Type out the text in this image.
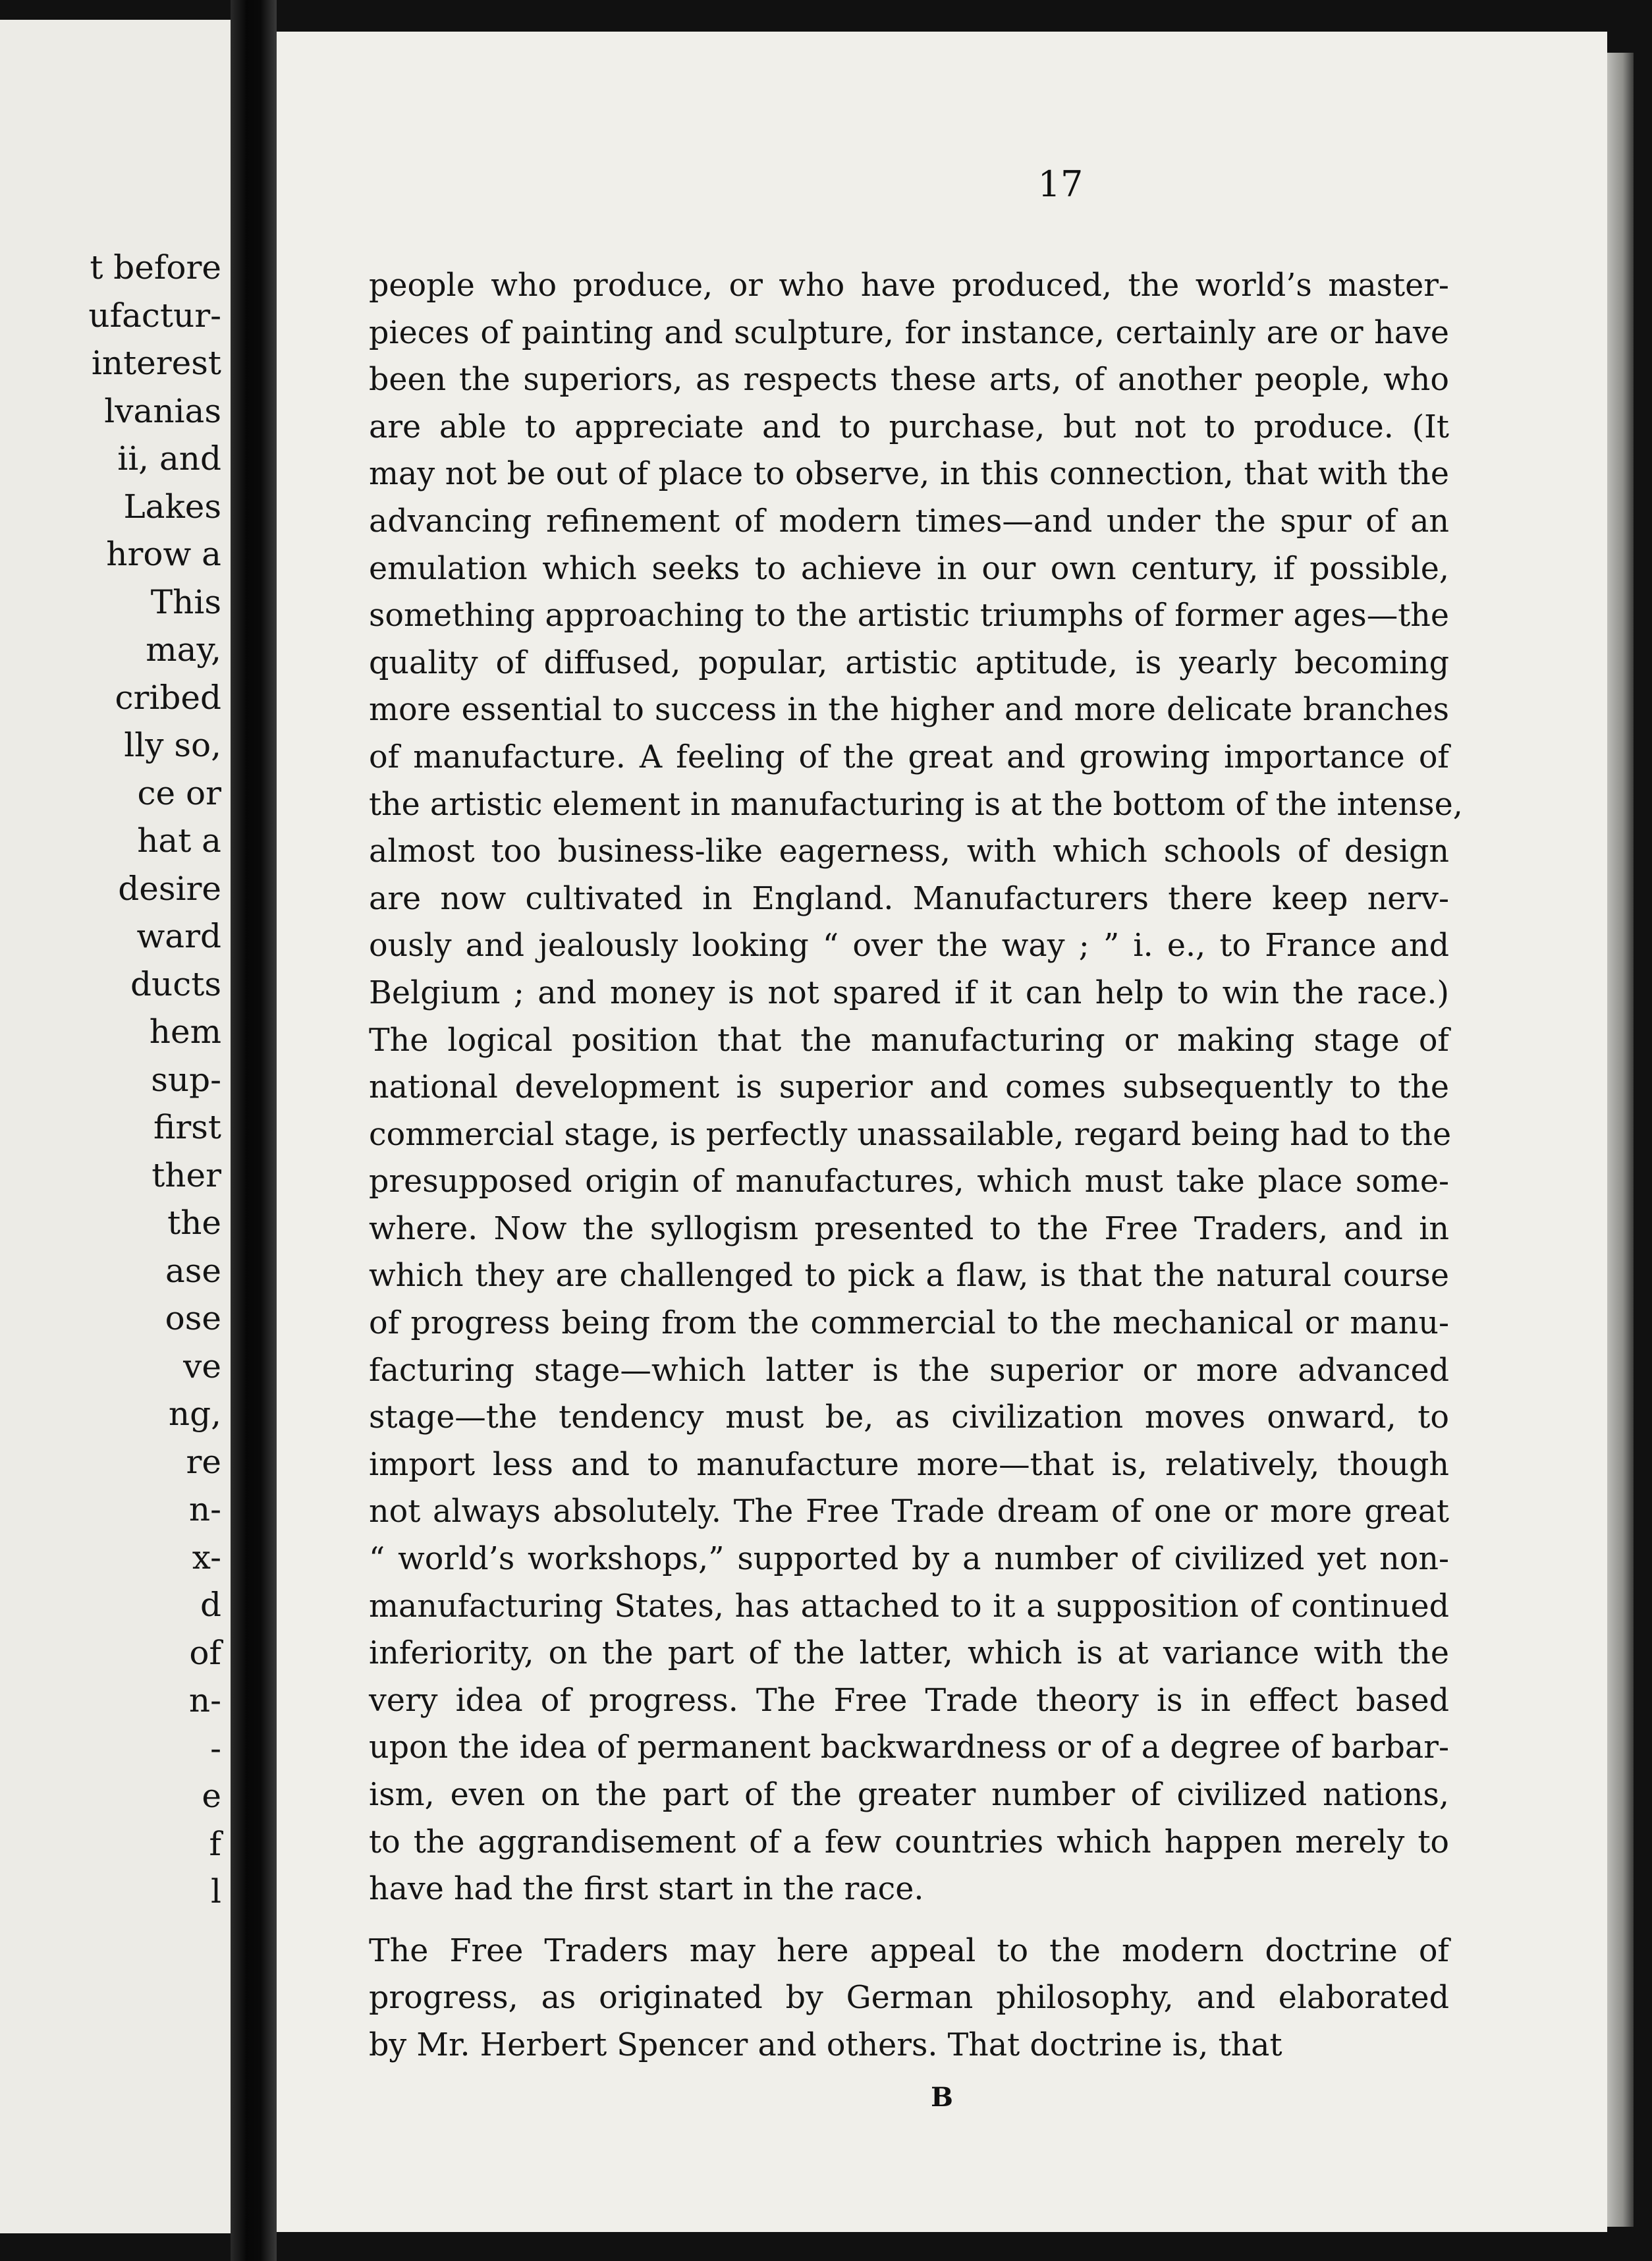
t before
ufactur-
interest
lvanias
ii, and
Lakes
hrow a
This
may,
cribed
lly so,
ce or
hat a
desire
ward
ducts
hem
sup-
first
ther
the
ase
ose
ve
ng,
re
n-
x-
d
of
n-
-
e
f
l
17
people who produce, or who have produced, the world’s master-
pieces of painting and sculpture, for instance, certainly are or have
been the superiors, as respects these arts, of another people, who
are able to appreciate and to purchase, but not to produce. (It
may not be out of place to observe, in this connection, that with the
advancing refinement of modern times—and under the spur of an
emulation which seeks to achieve in our own century, if possible,
something approaching to the artistic triumphs of former ages—the
quality of diffused, popular, artistic aptitude, is yearly becoming
more essential to success in the higher and more delicate branches
of manufacture. A feeling of the great and growing importance of
the artistic element in manufacturing is at the bottom of the intense,
almost too business-like eagerness, with which schools of design
are now cultivated in England. Manufacturers there keep nerv-
ously and jealously looking “ over the way ; ” i. e., to France and
Belgium ; and money is not spared if it can help to win the race.)
The logical position that the manufacturing or making stage of
national development is superior and comes subsequently to the
commercial stage, is perfectly unassailable, regard being had to the
presupposed origin of manufactures, which must take place some-
where. Now the syllogism presented to the Free Traders, and in
which they are challenged to pick a flaw, is that the natural course
of progress being from the commercial to the mechanical or manu-
facturing stage—which latter is the superior or more advanced
stage—the tendency must be, as civilization moves onward, to
import less and to manufacture more—that is, relatively, though
not always absolutely. The Free Trade dream of one or more great
“ world’s workshops,” supported by a number of civilized yet non-
manufacturing States, has attached to it a supposition of continued
inferiority, on the part of the latter, which is at variance with the
very idea of progress. The Free Trade theory is in effect based
upon the idea of permanent backwardness or of a degree of barbar-
ism, even on the part of the greater number of civilized nations,
to the aggrandisement of a few countries which happen merely to
have had the first start in the race.
The Free Traders may here appeal to the modern doctrine of
progress, as originated by German philosophy, and elaborated
by Mr. Herbert Spencer and others. That doctrine is, that
B
